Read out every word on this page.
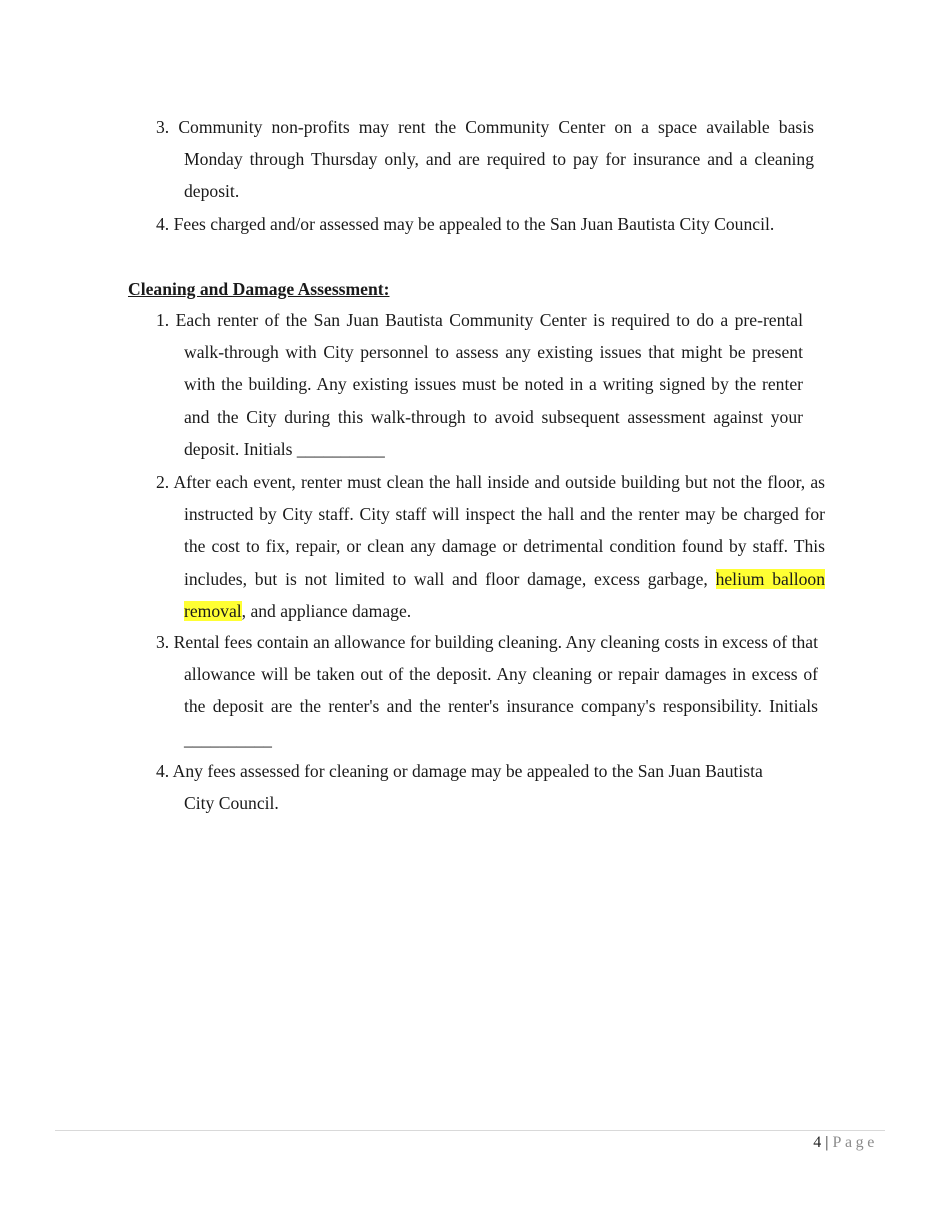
3. Community non-profits may rent the Community Center on a space available basis Monday through Thursday only, and are required to pay for insurance and a cleaning deposit.
4. Fees charged and/or assessed may be appealed to the San Juan Bautista City Council.
Cleaning and Damage Assessment:
1. Each renter of the San Juan Bautista Community Center is required to do a pre-rental walk-through with City personnel to assess any existing issues that might be present with the building. Any existing issues must be noted in a writing signed by the renter and the City during this walk-through to avoid subsequent assessment against your deposit. Initials __________
2. After each event, renter must clean the hall inside and outside building but not the floor, as instructed by City staff. City staff will inspect the hall and the renter may be charged for the cost to fix, repair, or clean any damage or detrimental condition found by staff. This includes, but is not limited to wall and floor damage, excess garbage, helium balloon removal, and appliance damage.
3. Rental fees contain an allowance for building cleaning. Any cleaning costs in excess of that allowance will be taken out of the deposit. Any cleaning or repair damages in excess of the deposit are the renter's and the renter's insurance company's responsibility. Initials __________
4. Any fees assessed for cleaning or damage may be appealed to the San Juan Bautista City Council.
4 | Page
